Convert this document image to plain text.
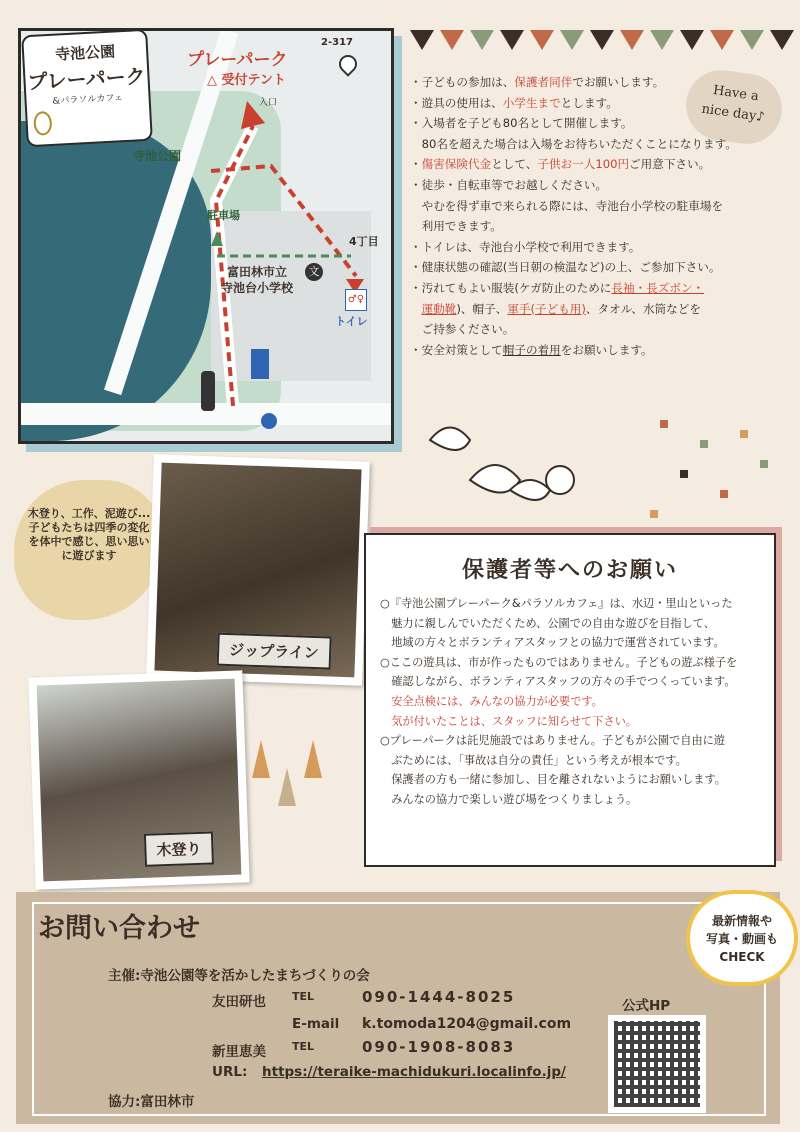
プレーパーク
△ 受付テント
入口
2-317
寺池公園
駐車場
富田林市立
寺池台小学校
文
♂♀
トイレ
4丁目
寺池公園
プレーパーク
&パラソルカフェ	Have a
nice day♪
・子どもの参加は、保護者同伴でお願いします。
・遊具の使用は、小学生までとします。
・入場者を子ども80名として開催します。
　80名を超えた場合は入場をお待ちいただくことになります。
・傷害保険代金として、子供お一人100円ご用意下さい。
・徒歩・自転車等でお越しください。
　やむを得ず車で来られる際には、寺池台小学校の駐車場を
　利用できます。
・トイレは、寺池台小学校で利用できます。
・健康状態の確認(当日朝の検温など)の上、ご参加下さい。
・汚れてもよい服装(ケガ防止のために長袖・長ズボン・
　運動靴)、帽子、軍手(子ども用)、タオル、水筒などを
　ご持参ください。
・安全対策として帽子の着用をお願いします。
木登り、工作、泥遊び...子どもたちは四季の変化を体中で感じ、思い思いに遊びます
ジップライン
木登り
保護者等へのお願い
○『寺池公園プレーパーク&パラソルカフェ』は、水辺・里山といった
　魅力に親しんでいただくため、公園での自由な遊びを目指して、
　地域の方々とボランティアスタッフとの協力で運営されています。
○ここの遊具は、市が作ったものではありません。子どもの遊ぶ様子を
　確認しながら、ボランティアスタッフの方々の手でつくっています。
　安全点検には、みんなの協力が必要です。
　気が付いたことは、スタッフに知らせて下さい。
○プレーパークは託児施設ではありません。子どもが公園で自由に遊
　ぶためには、「事故は自分の責任」という考えが根本です。
　保護者の方も一緒に参加し、目を離されないようにお願いします。
　みんなの協力で楽しい遊び場をつくりましょう。
お問い合わせ
主催:寺池公園等を活かしたまちづくりの会
友田研也 TEL	090-1444-8025
E-mail k.tomoda1204@gmail.com
新里恵美 TEL	090-1908-8083
URL: https://teraike-machidukuri.localinfo.jp/
協力:富田林市
公式HP
最新情報や
写真・動画も
CHECK
